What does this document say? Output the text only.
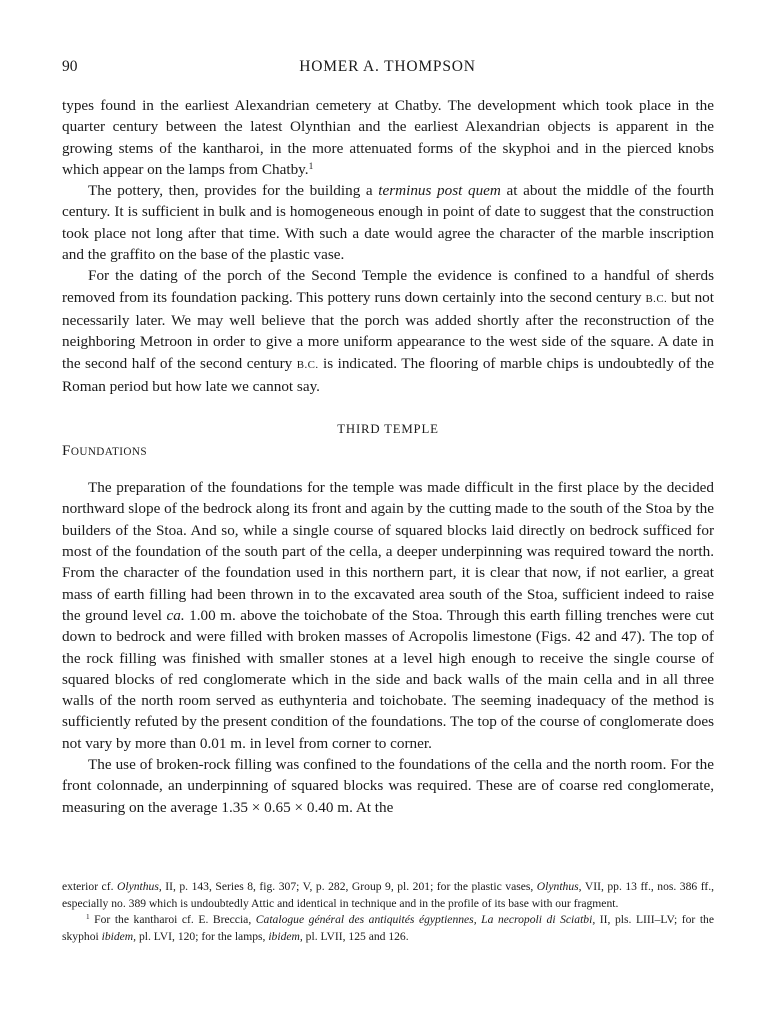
90	HOMER A. THOMPSON

types found in the earliest Alexandrian cemetery at Chatby. The development which took place in the quarter century between the latest Olynthian and the earliest Alexandrian objects is apparent in the growing stems of the kantharoi, in the more attenuated forms of the skyphoi and in the pierced knobs which appear on the lamps from Chatby.$^1$

The pottery, then, provides for the building a terminus post quem at about the middle of the fourth century. It is sufficient in bulk and is homogeneous enough in point of date to suggest that the construction took place not long after that time. With such a date would agree the character of the marble inscription and the graffito on the base of the plastic vase.

For the dating of the porch of the Second Temple the evidence is confined to a handful of sherds removed from its foundation packing. This pottery runs down certainly into the second century B.C. but not necessarily later. We may well believe that the porch was added shortly after the reconstruction of the neighboring Metroon in order to give a more uniform appearance to the west side of the square. A date in the second half of the second century B.C. is indicated. The flooring of marble chips is undoubtedly of the Roman period but how late we cannot say.

THIRD TEMPLE
FOUNDATIONS

The preparation of the foundations for the temple was made difficult in the first place by the decided northward slope of the bedrock along its front and again by the cutting made to the south of the Stoa by the builders of the Stoa. And so, while a single course of squared blocks laid directly on bedrock sufficed for most of the foundation of the south part of the cella, a deeper underpinning was required toward the north. From the character of the foundation used in this northern part, it is clear that now, if not earlier, a great mass of earth filling had been thrown in to the excavated area south of the Stoa, sufficient indeed to raise the ground level ca. 1.00 m. above the toichobate of the Stoa. Through this earth filling trenches were cut down to bedrock and were filled with broken masses of Acropolis limestone (Figs. 42 and 47). The top of the rock filling was finished with smaller stones at a level high enough to receive the single course of squared blocks of red conglomerate which in the side and back walls of the main cella and in all three walls of the north room served as euthynteria and toichobate. The seeming inadequacy of the method is sufficiently refuted by the present condition of the foundations. The top of the course of conglomerate does not vary by more than 0.01 m. in level from corner to corner.

The use of broken-rock filling was confined to the foundations of the cella and the north room. For the front colonnade, an underpinning of squared blocks was required. These are of coarse red conglomerate, measuring on the average 1.35 × 0.65 × 0.40 m. At the

exterior cf. Olynthus, II, p. 143, Series 8, fig. 307; V, p. 282, Group 9, pl. 201; for the plastic vases, Olynthus, VII, pp. 13 ff., nos. 386 ff., especially no. 389 which is undoubtedly Attic and identical in technique and in the profile of its base with our fragment.

$^1$ For the kantharoi cf. E. Breccia, Catalogue général des antiquités égyptiennes, La necropoli di Sciatbi, II, pls. LIII–LV; for the skyphoi ibidem, pl. LVI, 120; for the lamps, ibidem, pl. LVII, 125 and 126.
